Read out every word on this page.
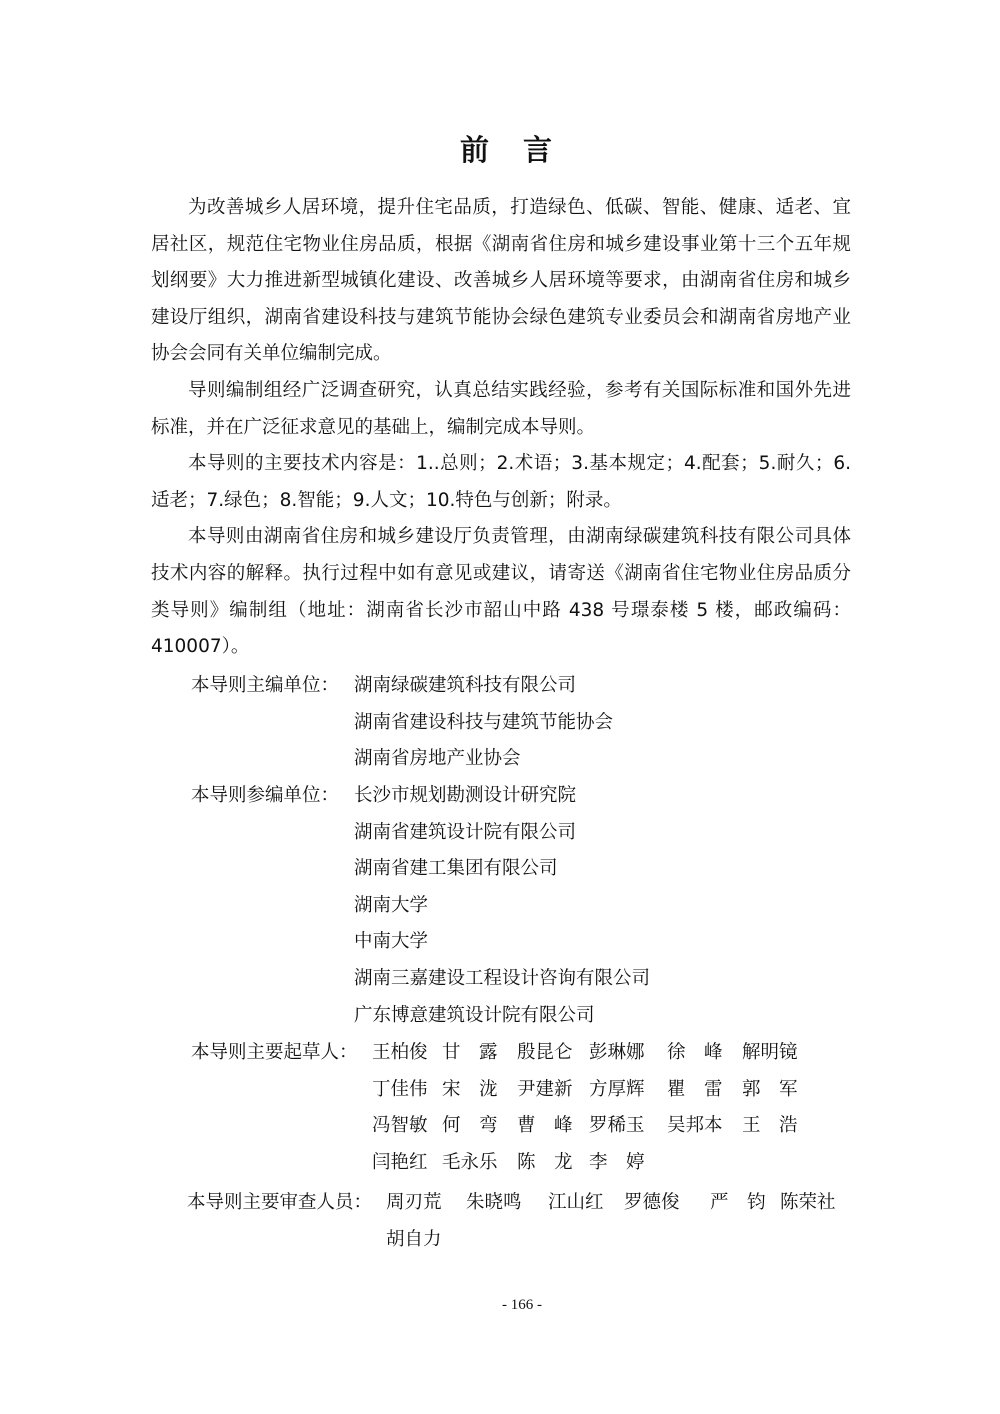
前 言

为改善城乡人居环境，提升住宅品质，打造绿色、低碳、智能、健康、适老、宜居社区，规范住宅物业住房品质，根据《湖南省住房和城乡建设事业第十三个五年规划纲要》大力推进新型城镇化建设、改善城乡人居环境等要求，由湖南省住房和城乡建设厅组织，湖南省建设科技与建筑节能协会绿色建筑专业委员会和湖南省房地产业协会会同有关单位编制完成。

导则编制组经广泛调查研究，认真总结实践经验，参考有关国际标准和国外先进标准，并在广泛征求意见的基础上，编制完成本导则。

本导则的主要技术内容是：1..总则；2.术语；3.基本规定；4.配套；5.耐久；6.适老；7.绿色；8.智能；9.人文；10.特色与创新；附录。

本导则由湖南省住房和城乡建设厅负责管理，由湖南绿碳建筑科技有限公司具体技术内容的解释。执行过程中如有意见或建议，请寄送《湖南省住宅物业住房品质分类导则》编制组（地址：湖南省长沙市韶山中路 438 号璟泰楼 5 楼，邮政编码：410007）。

本导则主编单位： 湖南绿碳建筑科技有限公司
湖南省建设科技与建筑节能协会
湖南省房地产业协会
本导则参编单位： 长沙市规划勘测设计研究院
湖南省建筑设计院有限公司
湖南省建工集团有限公司
湖南大学
中南大学
湖南三嘉建设工程设计咨询有限公司
广东博意建筑设计院有限公司
本导则主要起草人： 王柏俊 甘　露 殷昆仑 彭琳娜 徐　峰 解明镜
丁佳伟 宋　泷 尹建新 方厚辉 瞿　雷 郭　军
冯智敏 何　弯 曹　峰 罗稀玉 吴邦本 王　浩
闫艳红 毛永乐 陈　龙 李　婷
本导则主要审查人员： 周刃荒 朱晓鸣 江山红 罗德俊 严　钧 陈荣社
胡自力
- 166 -
